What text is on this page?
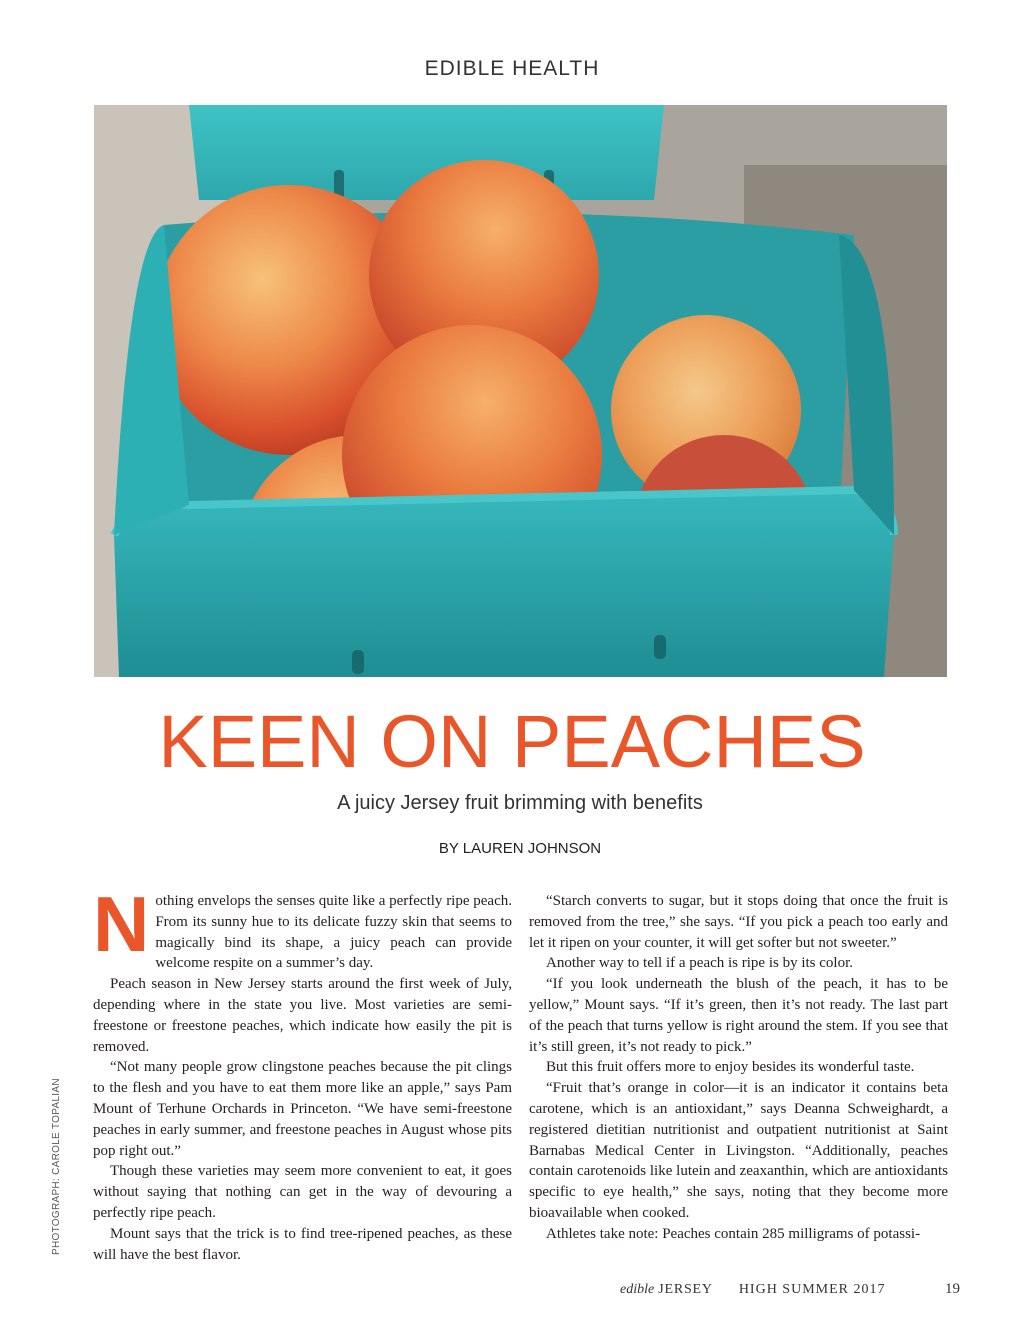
EDIBLE HEALTH
KEEN ON PEACHES
A juicy Jersey fruit brimming with benefits
BY LAUREN JOHNSON

Nothing envelops the senses quite like a perfectly ripe peach. From its sunny hue to its delicate fuzzy skin that seems to magically bind its shape, a juicy peach can provide welcome respite on a summer’s day.

Peach season in New Jersey starts around the first week of July, depending where in the state you live. Most varieties are semi-freestone or freestone peaches, which indicate how easily the pit is removed.

“Not many people grow clingstone peaches because the pit clings to the flesh and you have to eat them more like an apple,” says Pam Mount of Terhune Orchards in Princeton. “We have semi-freestone peaches in early summer, and freestone peaches in August whose pits pop right out.”

Though these varieties may seem more convenient to eat, it goes without saying that nothing can get in the way of devouring a perfectly ripe peach.

Mount says that the trick is to find tree-ripened peaches, as these will have the best flavor.

“Starch converts to sugar, but it stops doing that once the fruit is removed from the tree,” she says. “If you pick a peach too early and let it ripen on your counter, it will get softer but not sweeter.”

Another way to tell if a peach is ripe is by its color.

“If you look underneath the blush of the peach, it has to be yellow,” Mount says. “If it’s green, then it’s not ready. The last part of the peach that turns yellow is right around the stem. If you see that it’s still green, it’s not ready to pick.”

But this fruit offers more to enjoy besides its wonderful taste.

“Fruit that’s orange in color—it is an indicator it contains beta carotene, which is an antioxidant,” says Deanna Schweighardt, a registered dietitian nutritionist and outpatient nutritionist at Saint Barnabas Medical Center in Livingston. “Additionally, peaches contain carotenoids like lutein and zeaxanthin, which are antioxidants specific to eye health,” she says, noting that they become more bioavailable when cooked.

Athletes take note: Peaches contain 285 milligrams of potassi-

PHOTOGRAPH: CAROLE TOPALIAN
edible JERSEY HIGH SUMMER 2017	19
